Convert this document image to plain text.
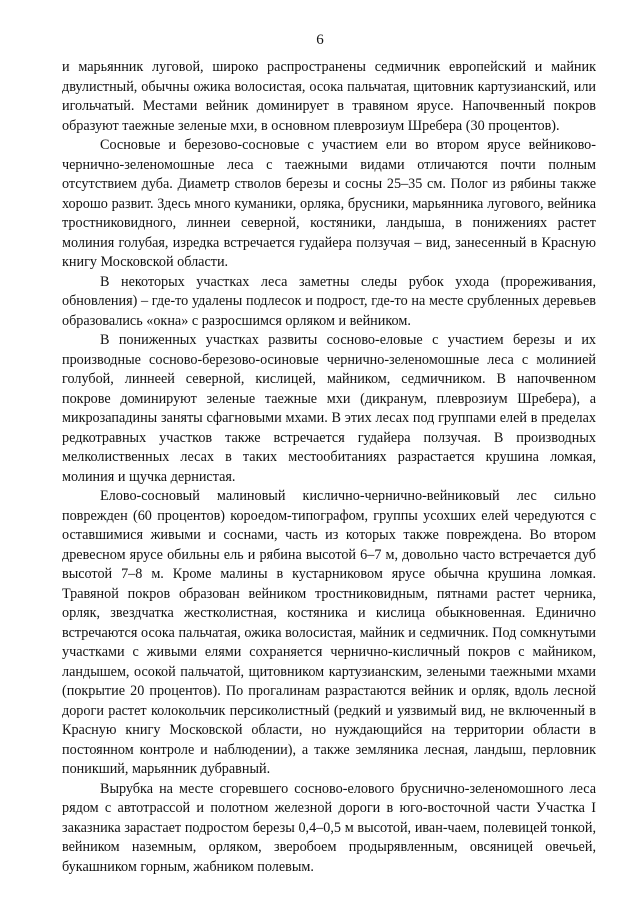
6

и марьянник луговой, широко распространены седмичник европейский и майник двулистный, обычны ожика волосистая, осока пальчатая, щитовник картузианский, или игольчатый. Местами вейник доминирует в травяном ярусе. Напочвенный покров образуют таежные зеленые мхи, в основном плеврозиум Шребера (30 процентов).

Сосновые и березово-сосновые с участием ели во втором ярусе вейниково-чернично-зеленомошные леса с таежными видами отличаются почти полным отсутствием дуба. Диаметр стволов березы и сосны 25–35 см. Полог из рябины также хорошо развит. Здесь много куманики, орляка, брусники, марьянника лугового, вейника тростниковидного, линнеи северной, костяники, ландыша, в понижениях растет молиния голубая, изредка встречается гудайера ползучая – вид, занесенный в Красную книгу Московской области.

В некоторых участках леса заметны следы рубок ухода (прореживания, обновления) – где-то удалены подлесок и подрост, где-то на месте срубленных деревьев образовались «окна» с разросшимся орляком и вейником.

В пониженных участках развиты сосново-еловые с участием березы и их производные сосново-березово-осиновые чернично-зеленомошные леса с молинией голубой, линнеей северной, кислицей, майником, седмичником. В напочвенном покрове доминируют зеленые таежные мхи (дикранум, плеврозиум Шребера), а микрозападины заняты сфагновыми мхами. В этих лесах под группами елей в пределах редкотравных участков также встречается гудайера ползучая. В производных мелколиственных лесах в таких местообитаниях разрастается крушина ломкая, молиния и щучка дернистая.

Елово-сосновый малиновый кислично-чернично-вейниковый лес сильно поврежден (60 процентов) короедом-типографом, группы усохших елей чередуются с оставшимися живыми и соснами, часть из которых также повреждена. Во втором древесном ярусе обильны ель и рябина высотой 6–7 м, довольно часто встречается дуб высотой 7–8 м. Кроме малины в кустарниковом ярусе обычна крушина ломкая. Травяной покров образован вейником тростниковидным, пятнами растет черника, орляк, звездчатка жестколистная, костяника и кислица обыкновенная. Единично встречаются осока пальчатая, ожика волосистая, майник и седмичник. Под сомкнутыми участками с живыми елями сохраняется чернично-кисличный покров с майником, ландышем, осокой пальчатой, щитовником картузианским, зелеными таежными мхами (покрытие 20 процентов). По прогалинам разрастаются вейник и орляк, вдоль лесной дороги растет колокольчик персиколистный (редкий и уязвимый вид, не включенный в Красную книгу Московской области, но нуждающийся на территории области в постоянном контроле и наблюдении), а также земляника лесная, ландыш, перловник поникший, марьянник дубравный.

Вырубка на месте сгоревшего сосново-елового бруснично-зеленомошного леса рядом с автотрассой и полотном железной дороги в юго-восточной части Участка I заказника зарастает подростом березы 0,4–0,5 м высотой, иван-чаем, полевицей тонкой, вейником наземным, орляком, зверобоем продырявленным, овсяницей овечьей, букашником горным, жабником полевым.
